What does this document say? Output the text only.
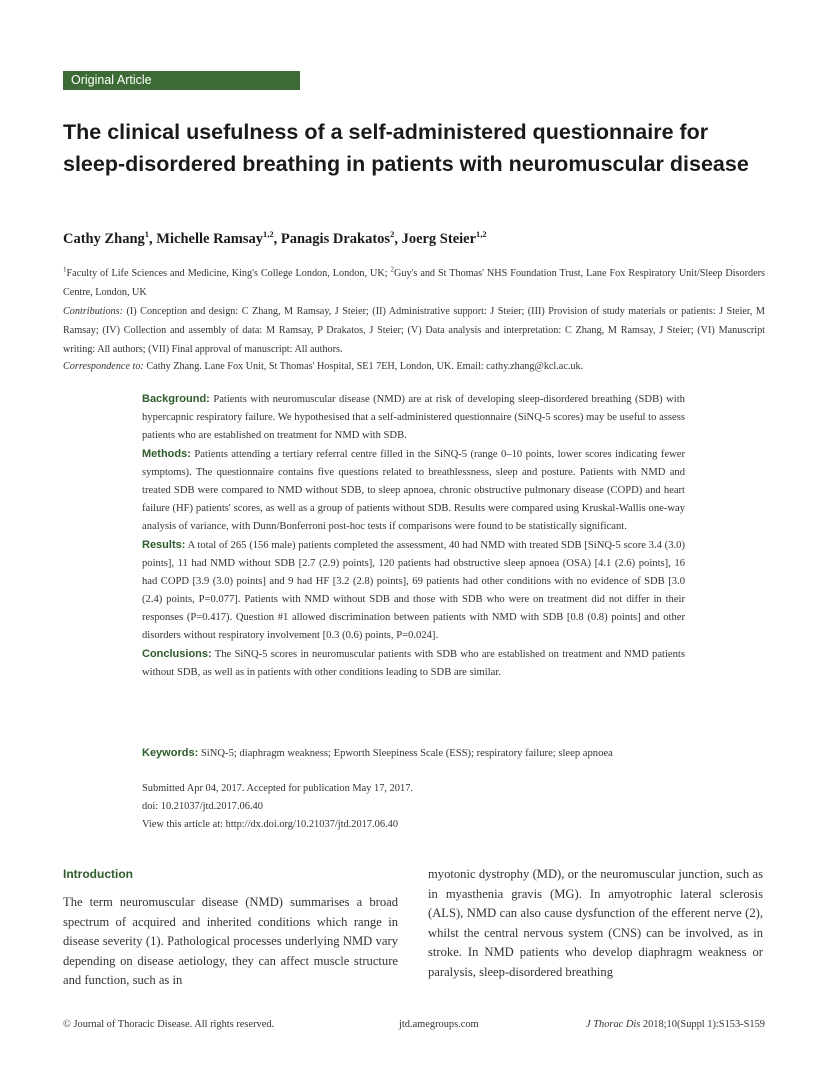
Original Article
The clinical usefulness of a self-administered questionnaire for sleep-disordered breathing in patients with neuromuscular disease
Cathy Zhang$^1$, Michelle Ramsay$^{1,2}$, Panagis Drakatos$^2$, Joerg Steier$^{1,2}$
$^1$Faculty of Life Sciences and Medicine, King's College London, London, UK; $^2$Guy's and St Thomas' NHS Foundation Trust, Lane Fox Respiratory Unit/Sleep Disorders Centre, London, UK
Contributions: (I) Conception and design: C Zhang, M Ramsay, J Steier; (II) Administrative support: J Steier; (III) Provision of study materials or patients: J Steier, M Ramsay; (IV) Collection and assembly of data: M Ramsay, P Drakatos, J Steier; (V) Data analysis and interpretation: C Zhang, M Ramsay, J Steier; (VI) Manuscript writing: All authors; (VII) Final approval of manuscript: All authors.
Correspondence to: Cathy Zhang. Lane Fox Unit, St Thomas' Hospital, SE1 7EH, London, UK. Email: cathy.zhang@kcl.ac.uk.

Background: Patients with neuromuscular disease (NMD) are at risk of developing sleep-disordered breathing (SDB) with hypercapnic respiratory failure. We hypothesised that a self-administered questionnaire (SiNQ-5 scores) may be useful to assess patients who are established on treatment for NMD with SDB.

Methods: Patients attending a tertiary referral centre filled in the SiNQ-5 (range 0–10 points, lower scores indicating fewer symptoms). The questionnaire contains five questions related to breathlessness, sleep and posture. Patients with NMD and treated SDB were compared to NMD without SDB, to sleep apnoea, chronic obstructive pulmonary disease (COPD) and heart failure (HF) patients' scores, as well as a group of patients without SDB. Results were compared using Kruskal-Wallis one-way analysis of variance, with Dunn/Bonferroni post-hoc tests if comparisons were found to be statistically significant.

Results: A total of 265 (156 male) patients completed the assessment, 40 had NMD with treated SDB [SiNQ-5 score 3.4 (3.0) points], 11 had NMD without SDB [2.7 (2.9) points], 120 patients had obstructive sleep apnoea (OSA) [4.1 (2.6) points], 16 had COPD [3.9 (3.0) points] and 9 had HF [3.2 (2.8) points], 69 patients had other conditions with no evidence of SDB [3.0 (2.4) points, P=0.077]. Patients with NMD without SDB and those with SDB who were on treatment did not differ in their responses (P=0.417). Question #1 allowed discrimination between patients with NMD with SDB [0.8 (0.8) points] and other disorders without respiratory involvement [0.3 (0.6) points, P=0.024].

Conclusions: The SiNQ-5 scores in neuromuscular patients with SDB who are established on treatment and NMD patients without SDB, as well as in patients with other conditions leading to SDB are similar.

Keywords: SiNQ-5; diaphragm weakness; Epworth Sleepiness Scale (ESS); respiratory failure; sleep apnoea
Submitted Apr 04, 2017. Accepted for publication May 17, 2017.
doi: 10.21037/jtd.2017.06.40
View this article at: http://dx.doi.org/10.21037/jtd.2017.06.40
Introduction
The term neuromuscular disease (NMD) summarises a broad spectrum of acquired and inherited conditions which range in disease severity (1). Pathological processes underlying NMD vary depending on disease aetiology, they can affect muscle structure and function, such as in
myotonic dystrophy (MD), or the neuromuscular junction, such as in myasthenia gravis (MG). In amyotrophic lateral sclerosis (ALS), NMD can also cause dysfunction of the efferent nerve (2), whilst the central nervous system (CNS) can be involved, as in stroke. In NMD patients who develop diaphragm weakness or paralysis, sleep-disordered breathing
© Journal of Thoracic Disease. All rights reserved.	jtd.amegroups.com	J Thorac Dis 2018;10(Suppl 1):S153-S159
